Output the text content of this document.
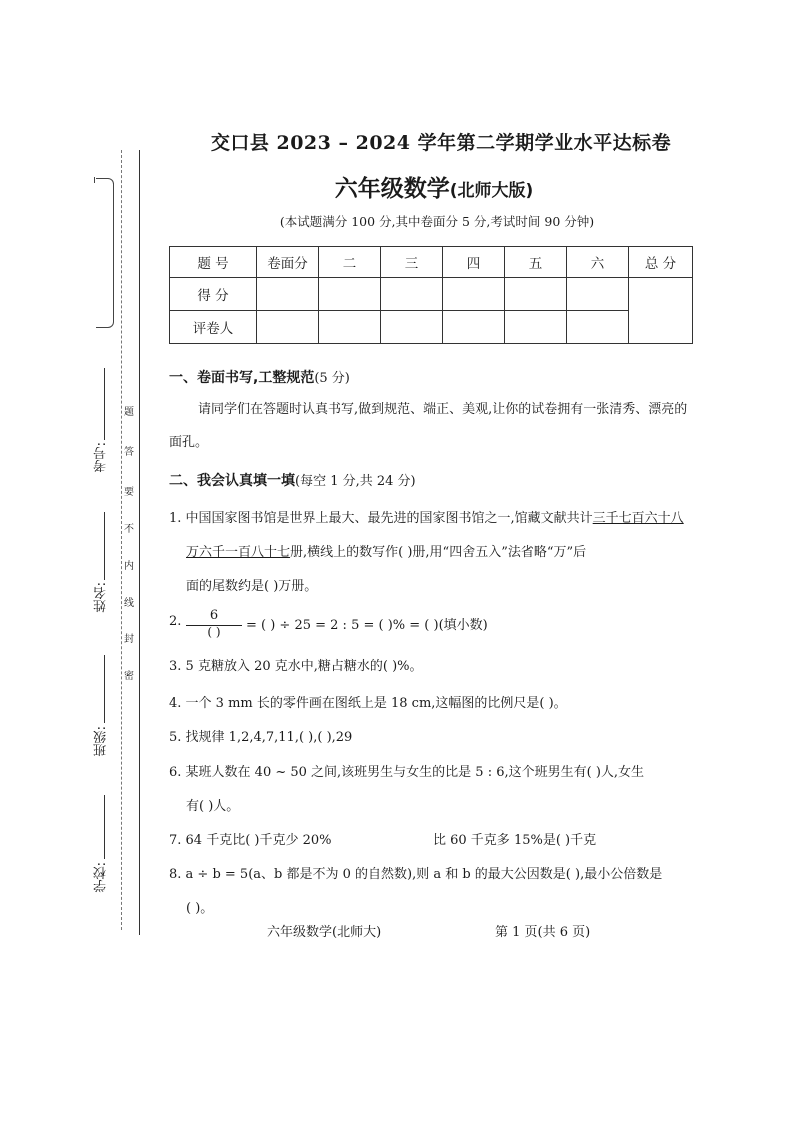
考号:
姓名:
班级:
学校:
题
答
要
不
内
线
封
密
交口县 2023 – 2024 学年第二学期学业水平达标卷
六年级数学(北师大版)
(本试题满分 100 分,其中卷面分 5 分,考试时间 90 分钟)
题 号	卷面分	二	三	四	五	六	总 分
得 分							
评卷人							
一、卷面书写,工整规范(5 分)
请同学们在答题时认真书写,做到规范、端正、美观,让你的试卷拥有一张清秀、漂亮的
面孔。
二、我会认真填一填(每空 1 分,共 24 分)
1. 中国国家图书馆是世界上最大、最先进的国家图书馆之一,馆藏文献共计三千七百六十八
万六千一百八十七册,横线上的数写作( )册,用“四舍五入”法省略“万”后
面的尾数约是( )万册。
2.	6
( )	= ( ) ÷ 25 = 2 : 5 = ( )% = ( )(填小数)
3. 5 克糖放入 20 克水中,糖占糖水的( )%。
4. 一个 3 mm 长的零件画在图纸上是 18 cm,这幅图的比例尺是( )。
5. 找规律 1,2,4,7,11,( ),( ),29
6. 某班人数在 40 ~ 50 之间,该班男生与女生的比是 5 : 6,这个班男生有( )人,女生
有( )人。
7. 64 千克比( )千克少 20%	比 60 千克多 15%是( )千克
8. a ÷ b = 5(a、b 都是不为 0 的自然数),则 a 和 b 的最大公因数是( ),最小公倍数是
( )。
六年级数学(北师大)	第 1 页(共 6 页)
